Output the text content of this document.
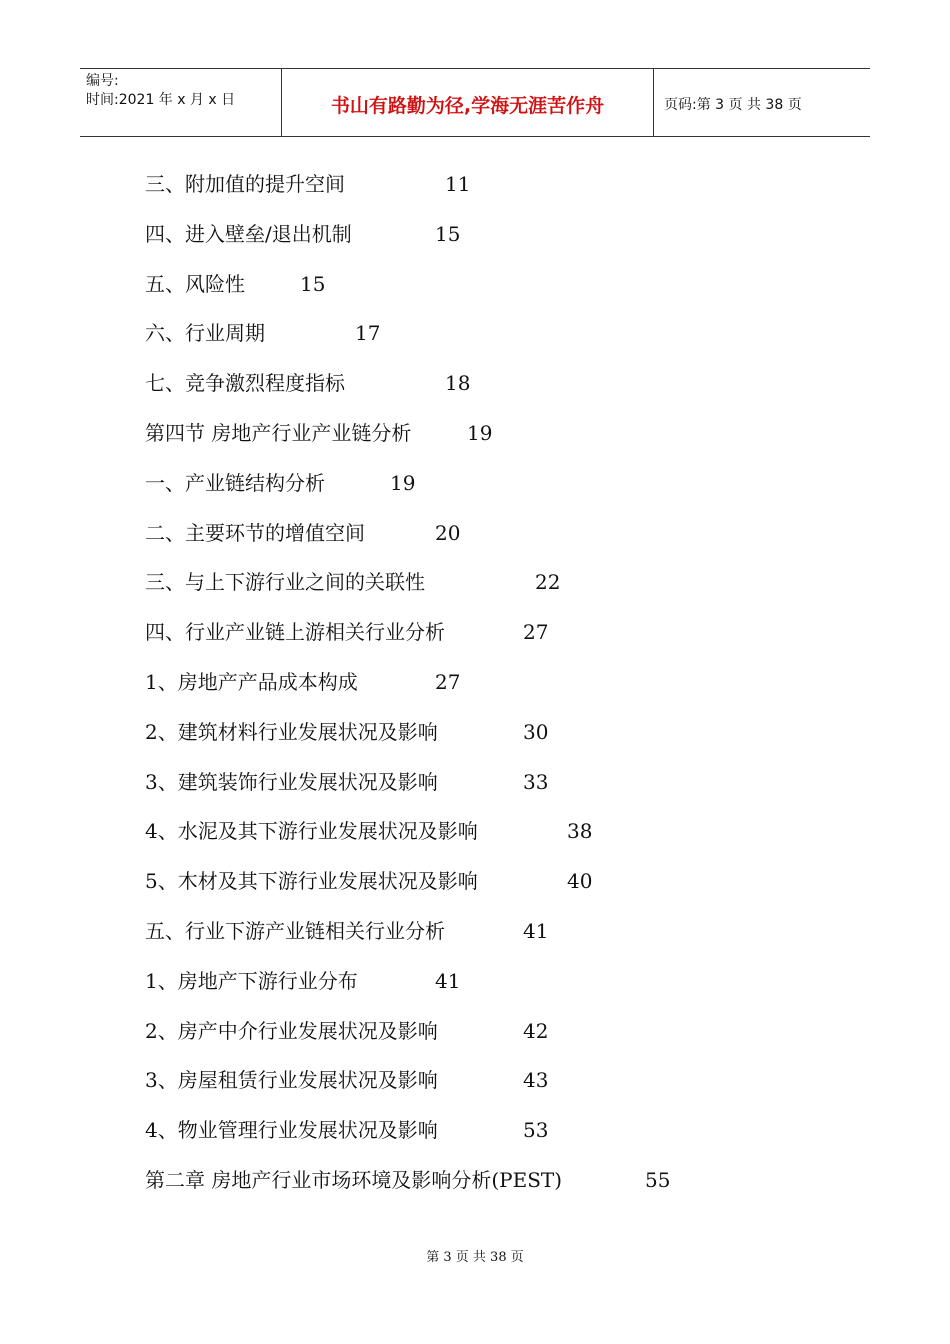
编号:
时间:2021 年 x 月 x 日	书山有路勤为径,学海无涯苦作舟	页码:第 3 页 共 38 页
三、附加值的提升空间	11
四、进入壁垒/退出机制	15
五、风险性	15
六、行业周期	17
七、竞争激烈程度指标	18
第四节 房地产行业产业链分析	19
一、产业链结构分析	19
二、主要环节的增值空间	20
三、与上下游行业之间的关联性	22
四、行业产业链上游相关行业分析	27
1、房地产产品成本构成	27
2、建筑材料行业发展状况及影响	30
3、建筑装饰行业发展状况及影响	33
4、水泥及其下游行业发展状况及影响	38
5、木材及其下游行业发展状况及影响	40
五、行业下游产业链相关行业分析	41
1、房地产下游行业分布	41
2、房产中介行业发展状况及影响	42
3、房屋租赁行业发展状况及影响	43
4、物业管理行业发展状况及影响	53
第二章 房地产行业市场环境及影响分析(PEST)	55
第 3 页 共 38 页
